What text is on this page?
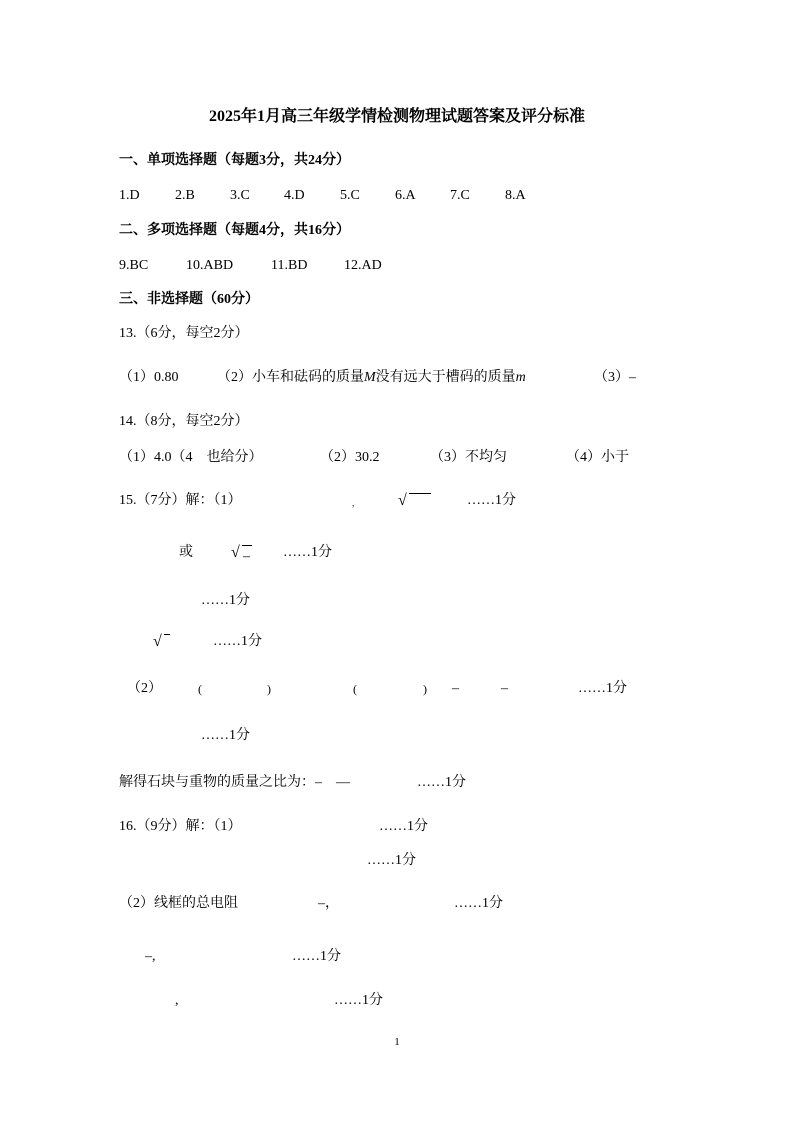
2025年1月高三年级学情检测物理试题答案及评分标准
一、单项选择题（每题3分，共24分）
1.D	2.B	3.C 4.D	5.C	6.A 7.C	8.A
二、多项选择题（每题4分，共16分）
9.BC	10.ABD	11.BD	12.AD
三、非选择题（60分）
13.（6分，每空2分）
（1）0.80	（2）小车和砝码的质量M没有远大于槽码的质量m	（3）–
14.（8分，每空2分）
（1）4.0（4　也给分）	（2）30.2	（3）不均匀	（4）小于
15.（7分）解：（1）	,	√	……1分
或 √ – ……1分
……1分
√	……1分
（2）	(	)	(	) –	–	……1分
……1分
解得石块与重物的质量之比为：–　—	……1分
16.（9分）解：（1）	……1分
……1分
（2）线框的总电阻	–，	……1分
–,	……1分
,	……1分
1
